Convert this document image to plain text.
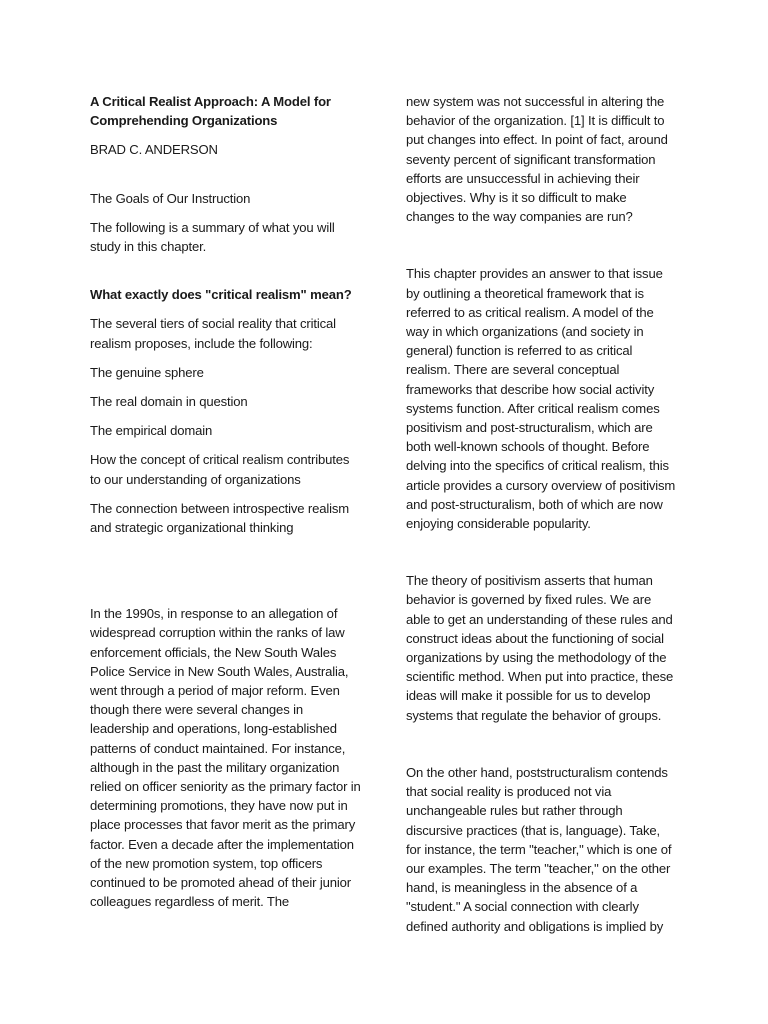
A Critical Realist Approach: A Model for Comprehending Organizations

BRAD C. ANDERSON

The Goals of Our Instruction

The following is a summary of what you will study in this chapter.

What exactly does "critical realism" mean?

The several tiers of social reality that critical realism proposes, include the following:

The genuine sphere

The real domain in question

The empirical domain

How the concept of critical realism contributes to our understanding of organizations

The connection between introspective realism and strategic organizational thinking

In the 1990s, in response to an allegation of widespread corruption within the ranks of law enforcement officials, the New South Wales Police Service in New South Wales, Australia, went through a period of major reform. Even though there were several changes in leadership and operations, long-established patterns of conduct maintained. For instance, although in the past the military organization relied on officer seniority as the primary factor in determining promotions, they have now put in place processes that favor merit as the primary factor. Even a decade after the implementation of the new promotion system, top officers continued to be promoted ahead of their junior colleagues regardless of merit. The

new system was not successful in altering the behavior of the organization. [1] It is difficult to put changes into effect. In point of fact, around seventy percent of significant transformation efforts are unsuccessful in achieving their objectives. Why is it so difficult to make changes to the way companies are run?

This chapter provides an answer to that issue by outlining a theoretical framework that is referred to as critical realism. A model of the way in which organizations (and society in general) function is referred to as critical realism. There are several conceptual frameworks that describe how social activity systems function. After critical realism comes positivism and post-structuralism, which are both well-known schools of thought. Before delving into the specifics of critical realism, this article provides a cursory overview of positivism and post-structuralism, both of which are now enjoying considerable popularity.

The theory of positivism asserts that human behavior is governed by fixed rules. We are able to get an understanding of these rules and construct ideas about the functioning of social organizations by using the methodology of the scientific method. When put into practice, these ideas will make it possible for us to develop systems that regulate the behavior of groups.

On the other hand, poststructuralism contends that social reality is produced not via unchangeable rules but rather through discursive practices (that is, language). Take, for instance, the term "teacher," which is one of our examples. The term "teacher," on the other hand, is meaningless in the absence of a "student." A social connection with clearly defined authority and obligations is implied by
